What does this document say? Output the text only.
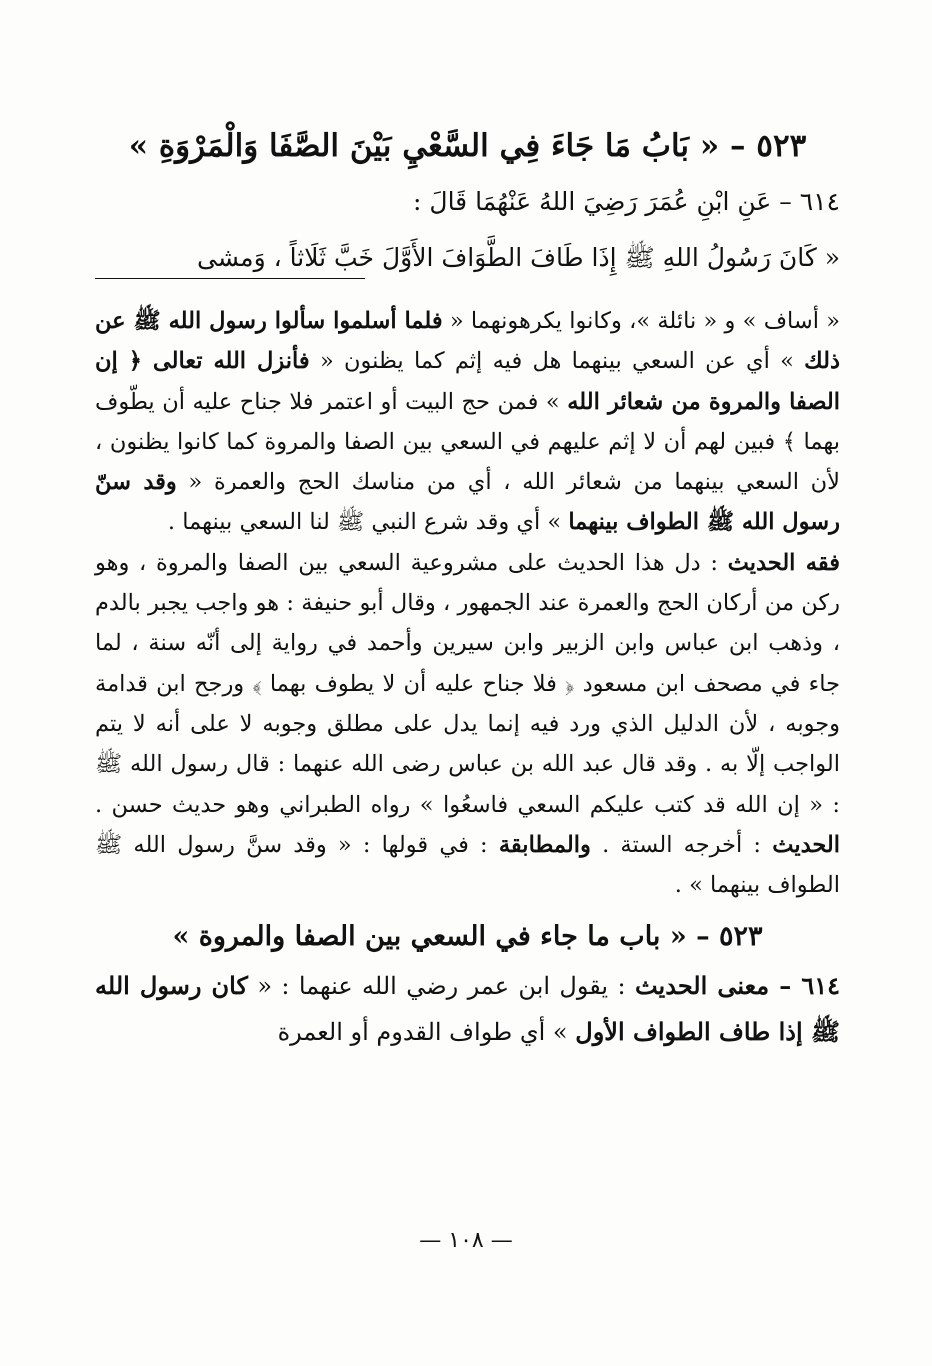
٥٢٣ – « بَابُ مَا جَاءَ فِي السَّعْيِ بَيْنَ الصَّفَا وَالْمَرْوَةِ »

٦١٤ – عَنِ ابْنِ عُمَرَ رَضِيَ اللهُ عَنْهُمَا قَالَ :
« كَانَ رَسُولُ اللهِ ﷺ إِذَا طَافَ الطَّوَافَ الأَوَّلَ خَبَّ ثَلَاثاً ، وَمشى

« أساف » و « نائلة »، وكانوا يكرهونهما « فلما أسلموا سألوا رسول الله ﷺ عن ذلك » أي عن السعي بينهما هل فيه إثم كما يظنون « فأنزل الله تعالى ﴿ إن الصفا والمروة من شعائر الله » فمن حج البيت أو اعتمر فلا جناح عليه أن يطّوف بهما ﴾ فبين لهم أن لا إثم عليهم في السعي بين الصفا والمروة كما كانوا يظنون ، لأن السعي بينهما من شعائر الله ، أي من مناسك الحج والعمرة « وقد سنّ رسول الله ﷺ الطواف بينهما » أي وقد شرع النبي ﷺ لنا السعي بينهما .

فقه الحديث : دل هذا الحديث على مشروعية السعي بين الصفا والمروة ، وهو ركن من أركان الحج والعمرة عند الجمهور ، وقال أبو حنيفة : هو واجب يجبر بالدم ، وذهب ابن عباس وابن الزبير وابن سيرين وأحمد في رواية إلى أنّه سنة ، لما جاء في مصحف ابن مسعود ﴿ فلا جناح عليه أن لا يطوف بهما ﴾ ورجح ابن قدامة وجوبه ، لأن الدليل الذي ورد فيه إنما يدل على مطلق وجوبه لا على أنه لا يتم الواجب إلّا به . وقد قال عبد الله بن عباس رضى الله عنهما : قال رسول الله ﷺ : « إن الله قد كتب عليكم السعي فاسعُوا » رواه الطبراني وهو حديث حسن . الحديث : أخرجه الستة . والمطابقة : في قولها : « وقد سنَّ رسول الله ﷺ الطواف بينهما » .

٥٢٣ – « باب ما جاء في السعي بين الصفا والمروة »

٦١٤ – معنى الحديث : يقول ابن عمر رضي الله عنهما : « كان رسول الله ﷺ إذا طاف الطواف الأول » أي طواف القدوم أو العمرة

— ١٠٨ —
